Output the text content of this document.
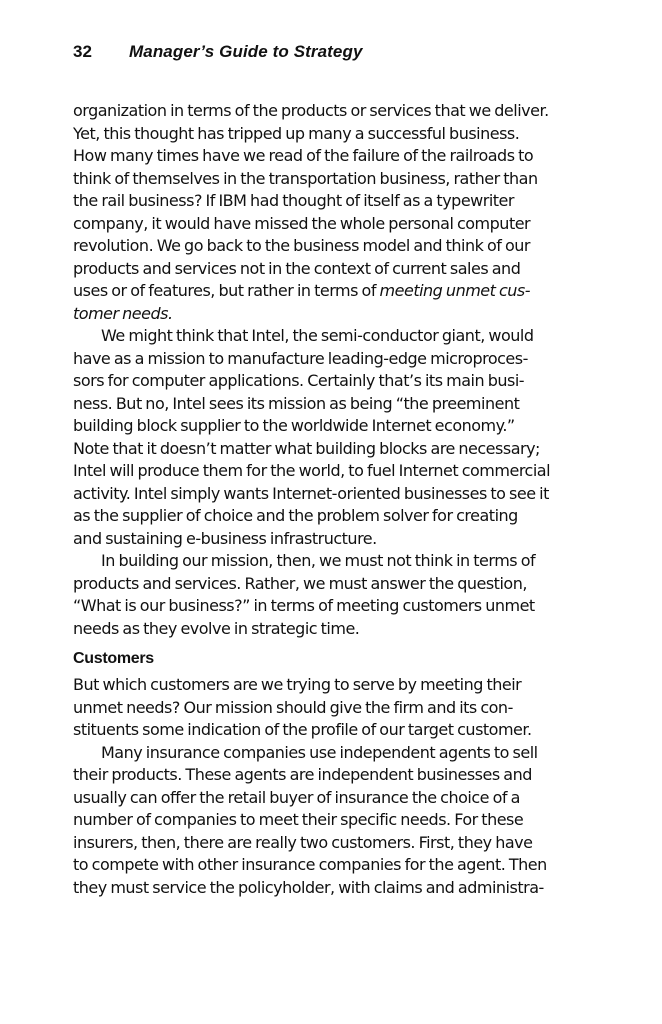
32 Manager’s Guide to Strategy
organization in terms of the products or services that we deliver.
Yet, this thought has tripped up many a successful business.
How many times have we read of the failure of the railroads to
think of themselves in the transportation business, rather than
the rail business? If IBM had thought of itself as a typewriter
company, it would have missed the whole personal computer
revolution. We go back to the business model and think of our
products and services not in the context of current sales and
uses or of features, but rather in terms of meeting unmet cus-
tomer needs.
We might think that Intel, the semi-conductor giant, would
have as a mission to manufacture leading-edge microproces-
sors for computer applications. Certainly that’s its main busi-
ness. But no, Intel sees its mission as being “the preeminent
building block supplier to the worldwide Internet economy.”
Note that it doesn’t matter what building blocks are necessary;
Intel will produce them for the world, to fuel Internet commercial
activity. Intel simply wants Internet-oriented businesses to see it
as the supplier of choice and the problem solver for creating
and sustaining e-business infrastructure.
In building our mission, then, we must not think in terms of
products and services. Rather, we must answer the question,
“What is our business?” in terms of meeting customers unmet
needs as they evolve in strategic time.
Customers
But which customers are we trying to serve by meeting their
unmet needs? Our mission should give the firm and its con-
stituents some indication of the profile of our target customer.
Many insurance companies use independent agents to sell
their products. These agents are independent businesses and
usually can offer the retail buyer of insurance the choice of a
number of companies to meet their specific needs. For these
insurers, then, there are really two customers. First, they have
to compete with other insurance companies for the agent. Then
they must service the policyholder, with claims and administra-
